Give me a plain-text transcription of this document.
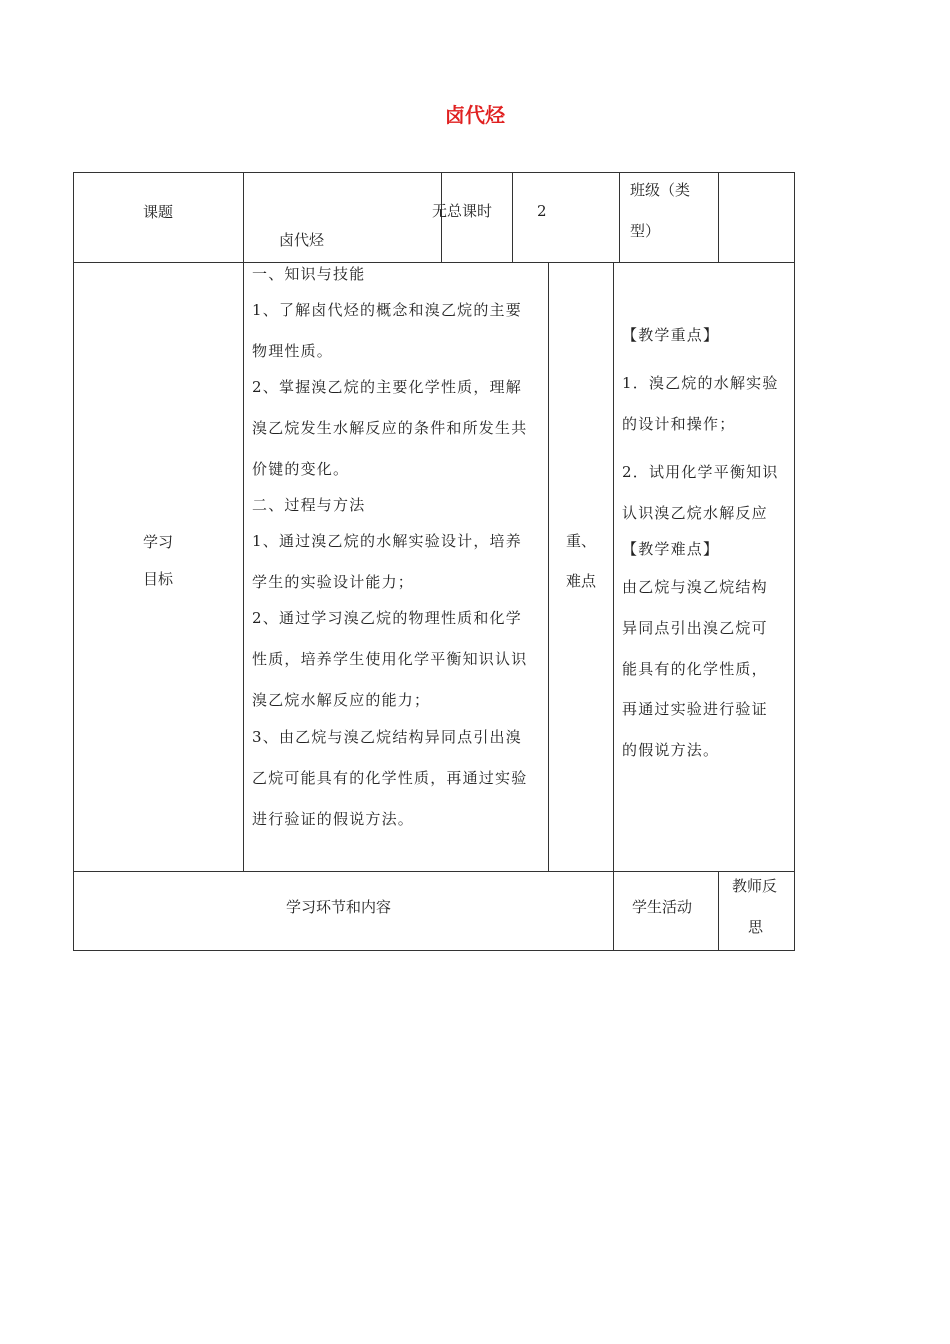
卤代烃
课题	无总课时
卤代烃
2
班级（类
型）
学习
目标
一、知识与技能
1、了解卤代烃的概念和溴乙烷的主要
物理性质。
2、掌握溴乙烷的主要化学性质，理解
溴乙烷发生水解反应的条件和所发生共
价键的变化。
二、过程与方法
1、通过溴乙烷的水解实验设计，培养
学生的实验设计能力；
2、通过学习溴乙烷的物理性质和化学
性质，培养学生使用化学平衡知识认识
溴乙烷水解反应的能力；
3、由乙烷与溴乙烷结构异同点引出溴
乙烷可能具有的化学性质，再通过实验
进行验证的假说方法。
重、
难点
【教学重点】
1．溴乙烷的水解实验
的设计和操作；
2．试用化学平衡知识
认识溴乙烷水解反应
【教学难点】
由乙烷与溴乙烷结构
异同点引出溴乙烷可
能具有的化学性质，
再通过实验进行验证
的假说方法。
学习环节和内容	学生活动
教师反
思
